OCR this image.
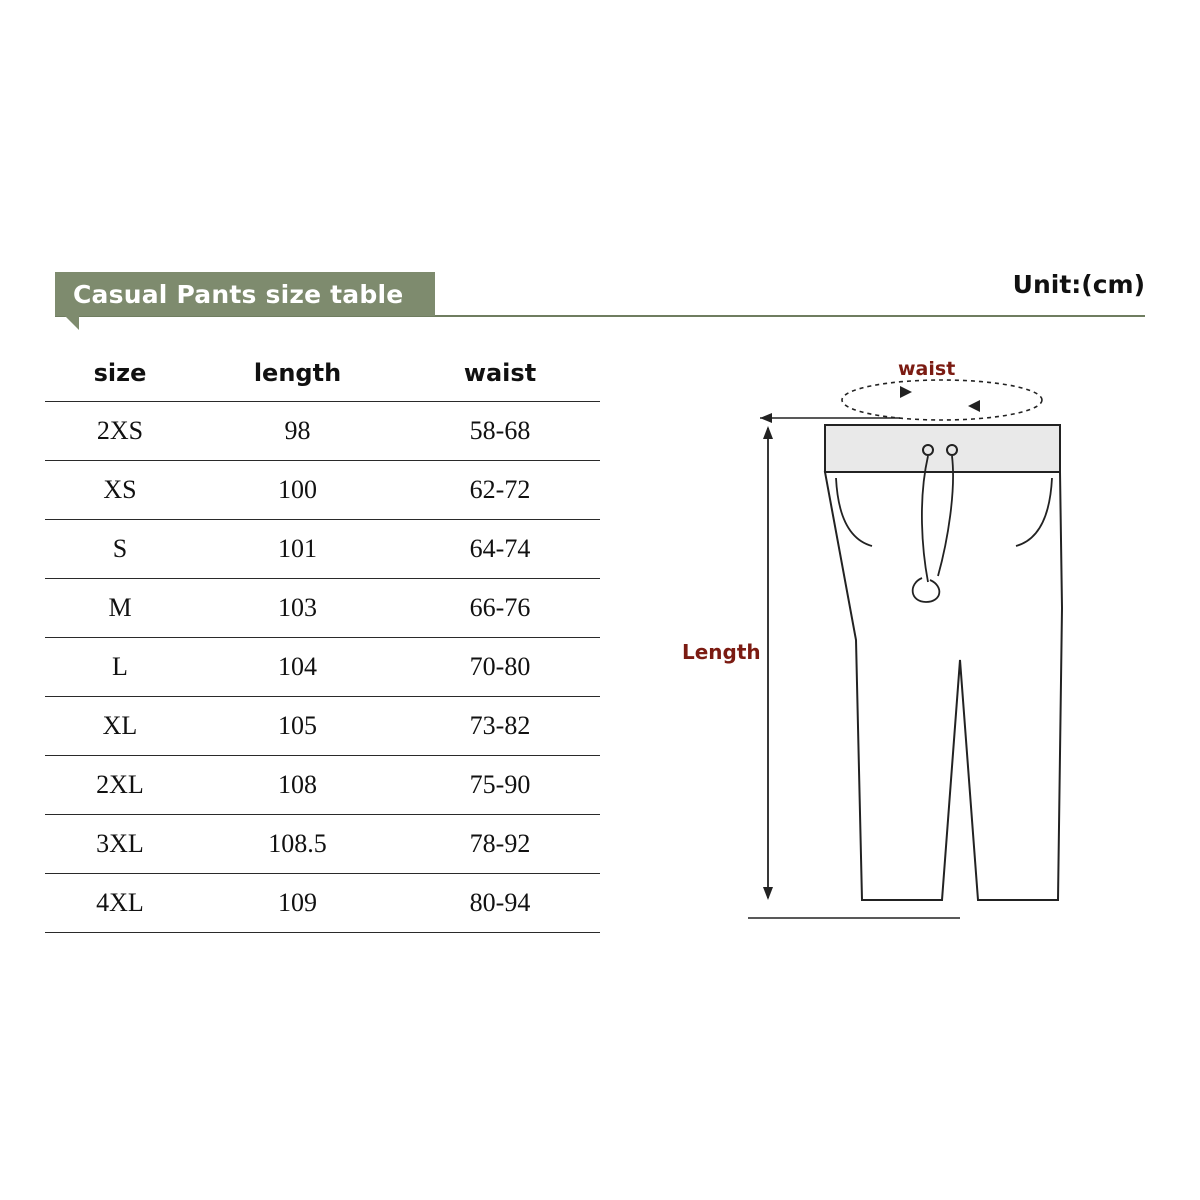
Casual Pants size table	Unit:(cm)
size	length	waist
2XS	98	58-68
XS	100	62-72
S	101	64-74
M	103	66-76
L	104	70-80
XL	105	73-82
2XL	108	75-90
3XL	108.5	78-92
4XL	109	80-94
waist
Length
